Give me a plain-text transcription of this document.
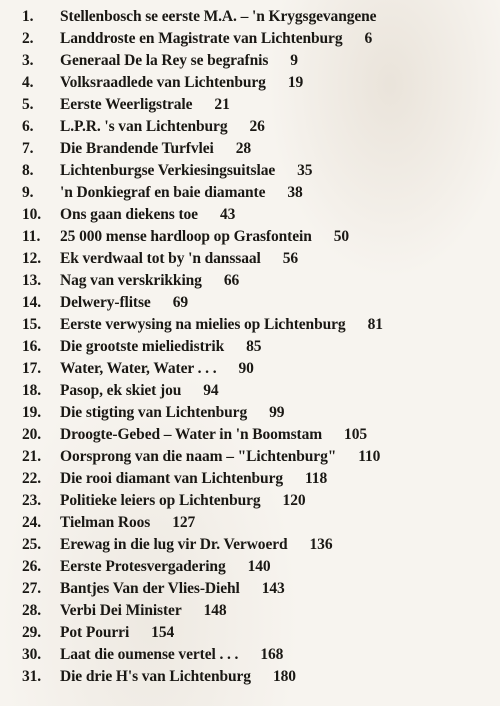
1.	Stellenbosch se eerste M.A. – 'n Krygsgevangene
2.	Landdroste en Magistrate van Lichtenburg 6
3.	Generaal De la Rey se begrafnis 9
4.	Volksraadlede van Lichtenburg 19
5.	Eerste Weerligstrale 21
6.	L.P.R. 's van Lichtenburg 26
7.	Die Brandende Turfvlei 28
8.	Lichtenburgse Verkiesingsuitslae 35
9.	'n Donkiegraf en baie diamante 38
10.	Ons gaan diekens toe 43
11.	25 000 mense hardloop op Grasfontein 50
12.	Ek verdwaal tot by 'n danssaal 56
13.	Nag van verskrikking 66
14.	Delwery-flitse 69
15.	Eerste verwysing na mielies op Lichtenburg 81
16.	Die grootste mieliedistrik 85
17.	Water, Water, Water . . . 90
18.	Pasop, ek skiet jou 94
19.	Die stigting van Lichtenburg 99
20.	Droogte-Gebed – Water in 'n Boomstam 105
21.	Oorsprong van die naam – "Lichtenburg" 110
22.	Die rooi diamant van Lichtenburg 118
23.	Politieke leiers op Lichtenburg 120
24.	Tielman Roos 127
25.	Erewag in die lug vir Dr. Verwoerd 136
26.	Eerste Protesvergadering 140
27.	Bantjes Van der Vlies-Diehl 143
28.	Verbi Dei Minister 148
29.	Pot Pourri 154
30.	Laat die oumense vertel . . . 168
31.	Die drie H's van Lichtenburg 180
